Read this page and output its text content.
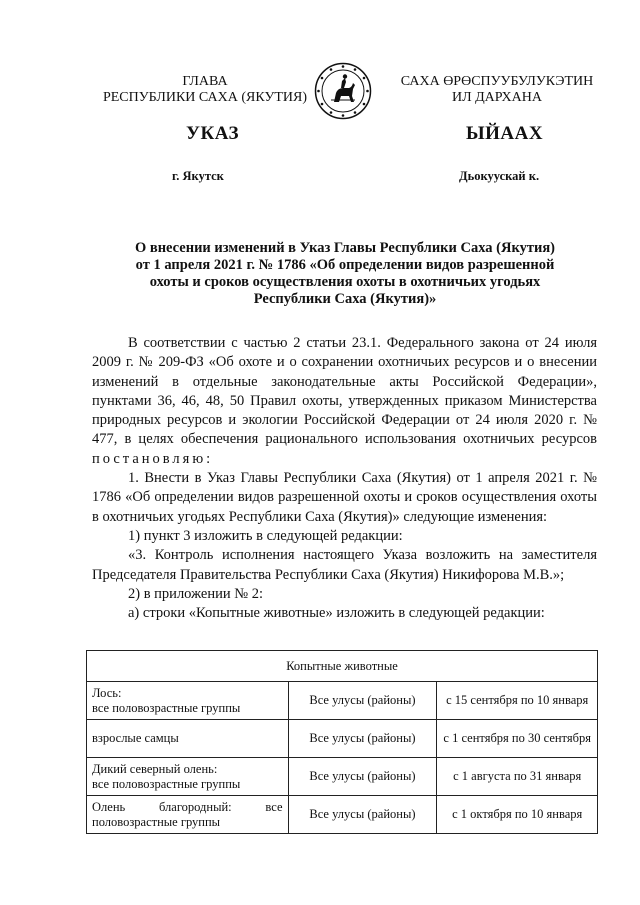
ГЛАВА
РЕСПУБЛИКИ САХА (ЯКУТИЯ)
САХА ӨРӨСПУУБУЛУКЭТИН
ИЛ ДАРХАНА
УКАЗ	ЫЙААХ
г. Якутск	Дьокуускай к.
О внесении изменений в Указ Главы Республики Саха (Якутия)
от 1 апреля 2021 г. № 1786 «Об определении видов разрешенной
охоты и сроков осуществления охоты в охотничьих угодьях
Республики Саха (Якутия)»

В соответствии с частью 2 статьи 23.1. Федерального закона от 24 июля 2009 г. № 209-ФЗ «Об охоте и о сохранении охотничьих ресурсов и о внесении изменений в отдельные законодательные акты Российской Федерации», пунктами 36, 46, 48, 50 Правил охоты, утвержденных приказом Министерства природных ресурсов и экологии Российской Федерации от 24 июля 2020 г. № 477, в целях обеспечения рационального использования охотничьих ресурсов постановляю:

1. Внести в Указ Главы Республики Саха (Якутия) от 1 апреля 2021 г. № 1786 «Об определении видов разрешенной охоты и сроков осуществления охоты в охотничьих угодьях Республики Саха (Якутия)» следующие изменения:

1) пункт 3 изложить в следующей редакции:

«3. Контроль исполнения настоящего Указа возложить на заместителя Председателя Правительства Республики Саха (Якутия) Никифорова М.В.»;

2) в приложении № 2:

а) строки «Копытные животные» изложить в следующей редакции:

Копытные животные		

Лось:
все половозрастные группы	Все улусы (районы)	с 15 сентября по 10 января

взрослые самцы	Все улусы (районы)	с 1 сентября по 30 сентября

Дикий северный олень:
все половозрастные группы	Все улусы (районы)	с 1 августа по 31 января

Олень благородный: все
половозрастные группы	Все улусы (районы)	с 1 октября по 10 января
